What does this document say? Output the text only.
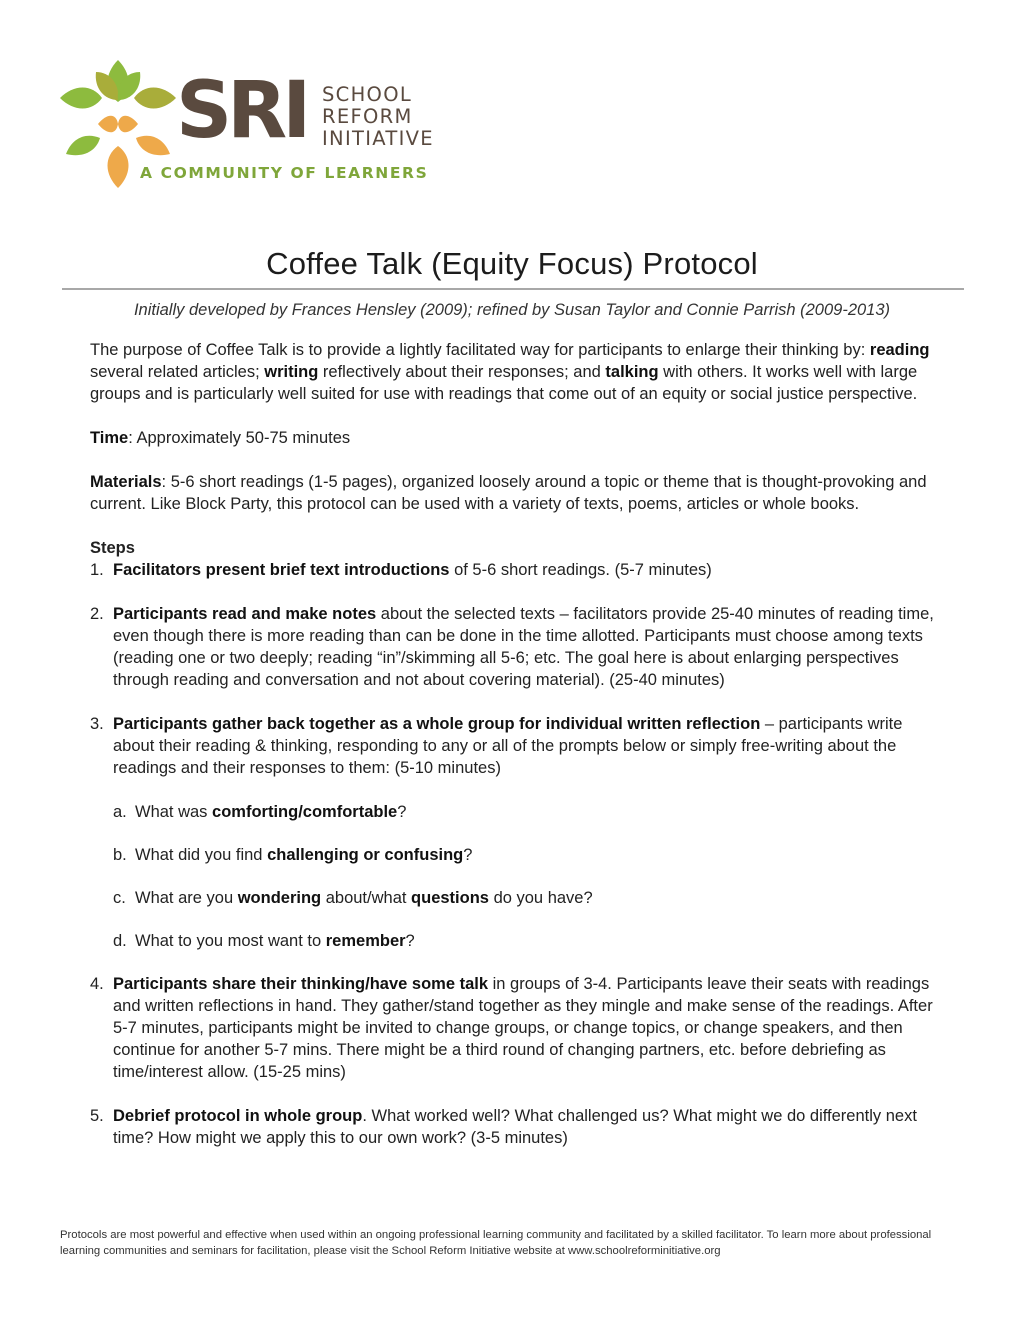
SRI SCHOOL
REFORM
INITIATIVE
A COMMUNITY OF LEARNERS
Coffee Talk (Equity Focus) Protocol
Initially developed by Frances Hensley (2009); refined by Susan Taylor and Connie Parrish (2009-2013)

The purpose of Coffee Talk is to provide a lightly facilitated way for participants to enlarge their thinking by: reading several related articles; writing reflectively about their responses; and talking with others. It works well with large groups and is particularly well suited for use with readings that come out of an equity or social justice perspective.

Time: Approximately 50-75 minutes

Materials: 5-6 short readings (1-5 pages), organized loosely around a topic or theme that is thought-provoking and current. Like Block Party, this protocol can be used with a variety of texts, poems, articles or whole books.

Steps

1. Facilitators present brief text introductions of 5-6 short readings. (5-7 minutes)
2. Participants read and make notes about the selected texts – facilitators provide 25-40 minutes of reading time, even though there is more reading than can be done in the time allotted. Participants must choose among texts (reading one or two deeply; reading “in”/skimming all 5-6; etc. The goal here is about enlarging perspectives through reading and conversation and not about covering material). (25-40 minutes)
3. Participants gather back together as a whole group for individual written reflection – participants write about their reading & thinking, responding to any or all of the prompts below or simply free-writing about the readings and their responses to them: (5-10 minutes)
a. What was comforting/comfortable?
b. What did you find challenging or confusing?
c. What are you wondering about/what questions do you have?
d. What to you most want to remember?
4. Participants share their thinking/have some talk in groups of 3-4. Participants leave their seats with readings and written reflections in hand. They gather/stand together as they mingle and make sense of the readings. After 5-7 minutes, participants might be invited to change groups, or change topics, or change speakers, and then continue for another 5-7 mins. There might be a third round of changing partners, etc. before debriefing as time/interest allow. (15-25 mins)
5. Debrief protocol in whole group. What worked well? What challenged us? What might we do differently next time? How might we apply this to our own work? (3-5 minutes)
Protocols are most powerful and effective when used within an ongoing professional learning community and facilitated by a skilled facilitator. To learn more about professional learning communities and seminars for facilitation, please visit the School Reform Initiative website at www.schoolreforminitiative.org
